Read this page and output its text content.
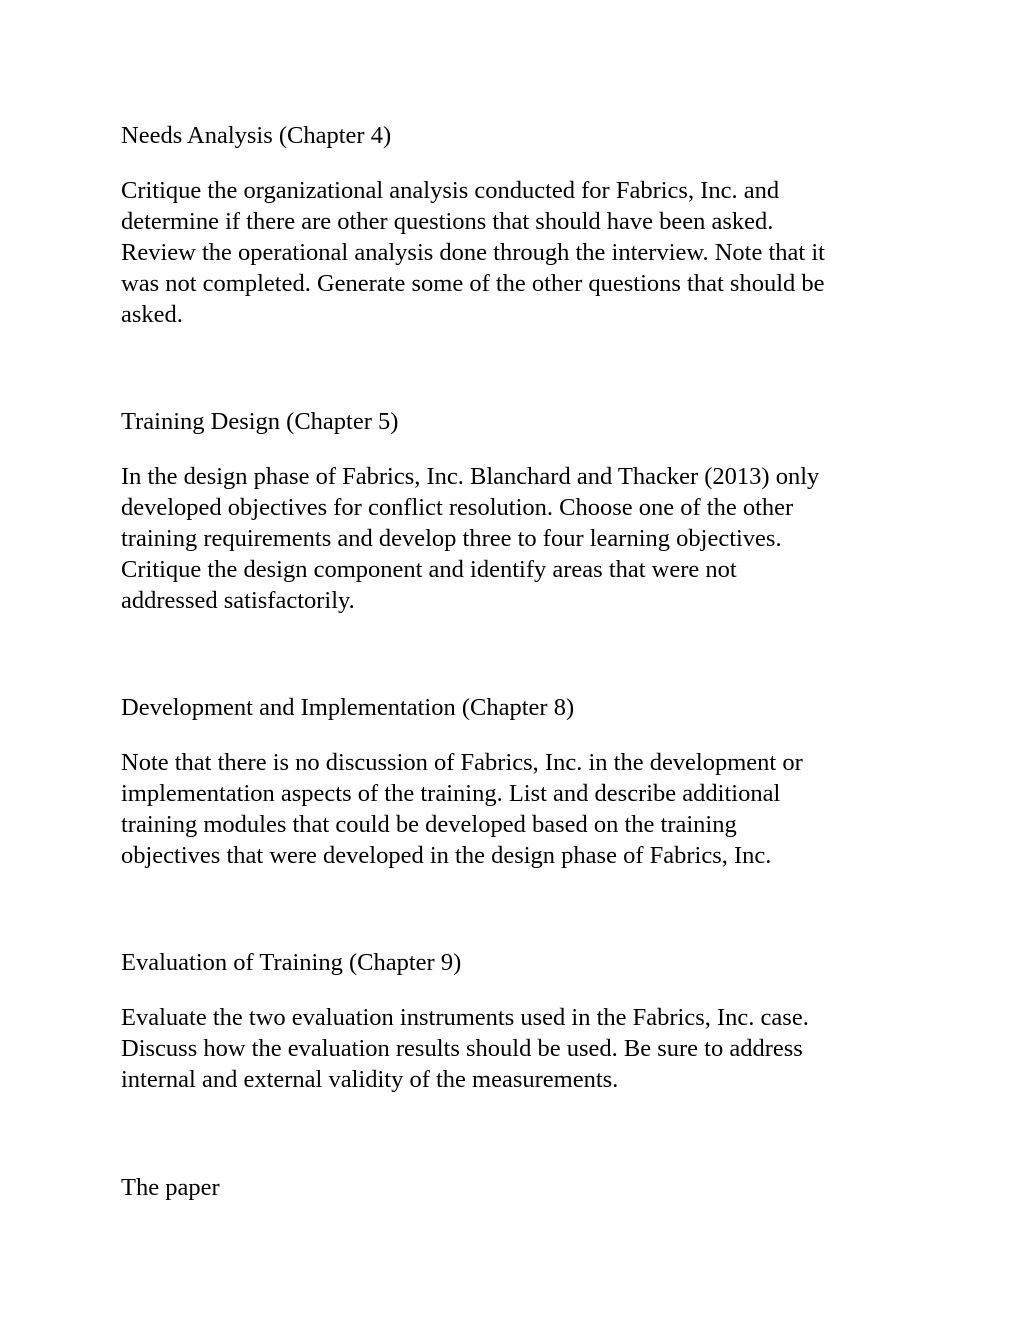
Needs Analysis (Chapter 4)

Critique the organizational analysis conducted for Fabrics, Inc. and
determine if there are other questions that should have been asked.
Review the operational analysis done through the interview. Note that it
was not completed. Generate some of the other questions that should be
asked.

Training Design (Chapter 5)

In the design phase of Fabrics, Inc. Blanchard and Thacker (2013) only
developed objectives for conflict resolution. Choose one of the other
training requirements and develop three to four learning objectives.
Critique the design component and identify areas that were not
addressed satisfactorily.

Development and Implementation (Chapter 8)

Note that there is no discussion of Fabrics, Inc. in the development or
implementation aspects of the training. List and describe additional
training modules that could be developed based on the training
objectives that were developed in the design phase of Fabrics, Inc.

Evaluation of Training (Chapter 9)

Evaluate the two evaluation instruments used in the Fabrics, Inc. case.
Discuss how the evaluation results should be used. Be sure to address
internal and external validity of the measurements.

The paper
